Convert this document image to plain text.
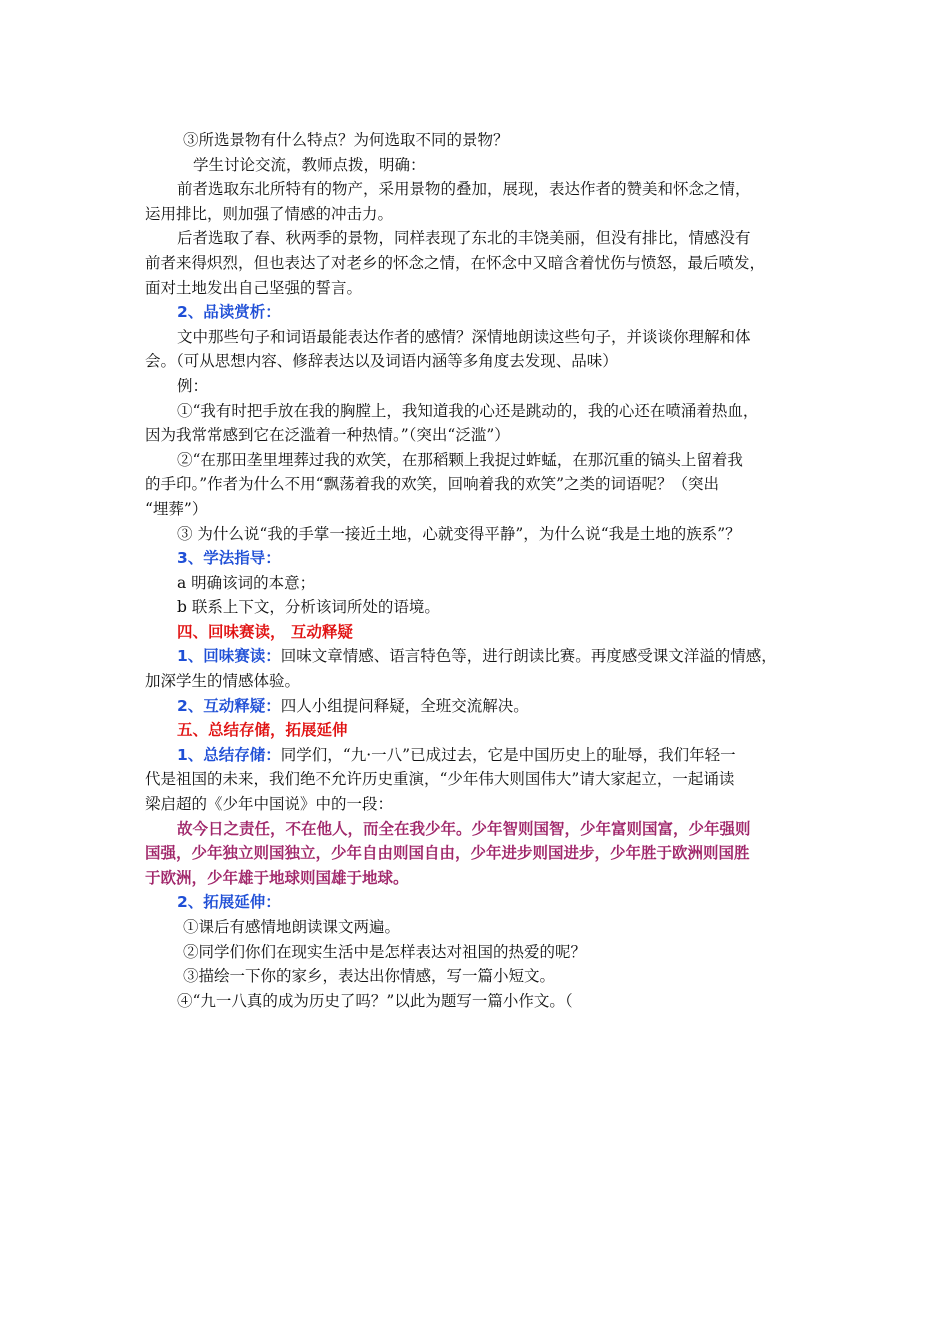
③所选景物有什么特点？为何选取不同的景物？
学生讨论交流，教师点拨，明确：
前者选取东北所特有的物产，采用景物的叠加，展现，表达作者的赞美和怀念之情，
运用排比，则加强了情感的冲击力。
后者选取了春、秋两季的景物，同样表现了东北的丰饶美丽，但没有排比，情感没有
前者来得炽烈，但也表达了对老乡的怀念之情，在怀念中又暗含着忧伤与愤怒，最后喷发，
面对土地发出自己坚强的誓言。
2、品读赏析：
文中那些句子和词语最能表达作者的感情？深情地朗读这些句子，并谈谈你理解和体
会。（可从思想内容、修辞表达以及词语内涵等多角度去发现、品味）
例：
①“我有时把手放在我的胸膛上，我知道我的心还是跳动的，我的心还在喷涌着热血，
因为我常常感到它在泛滥着一种热情。”（突出“泛滥”）
②“在那田垄里埋葬过我的欢笑，在那稻颗上我捉过蚱蜢，在那沉重的镐头上留着我
的手印。”作者为什么不用“飘荡着我的欢笑，回响着我的欢笑”之类的词语呢？（突出
“埋葬”）
③ 为什么说“我的手掌一接近土地，心就变得平静”，为什么说“我是土地的族系”？
3、学法指导：
a 明确该词的本意；
b 联系上下文，分析该词所处的语境。
四、回味赛读， 互动释疑
1、回味赛读：回味文章情感、语言特色等，进行朗读比赛。再度感受课文洋溢的情感，
加深学生的情感体验。
2、互动释疑：四人小组提问释疑，全班交流解决。
五、总结存储，拓展延伸
1、总结存储：同学们，“九·一八”已成过去，它是中国历史上的耻辱，我们年轻一
代是祖国的未来，我们绝不允许历史重演，“少年伟大则国伟大”请大家起立，一起诵读
梁启超的《少年中国说》中的一段：
故今日之责任，不在他人，而全在我少年。少年智则国智，少年富则国富，少年强则
国强，少年独立则国独立，少年自由则国自由，少年进步则国进步，少年胜于欧洲则国胜
于欧洲，少年雄于地球则国雄于地球。
2、拓展延伸：
①课后有感情地朗读课文两遍。
②同学们你们在现实生活中是怎样表达对祖国的热爱的呢？
③描绘一下你的家乡，表达出你情感，写一篇小短文。
④“九一八真的成为历史了吗？”以此为题写一篇小作文。（
